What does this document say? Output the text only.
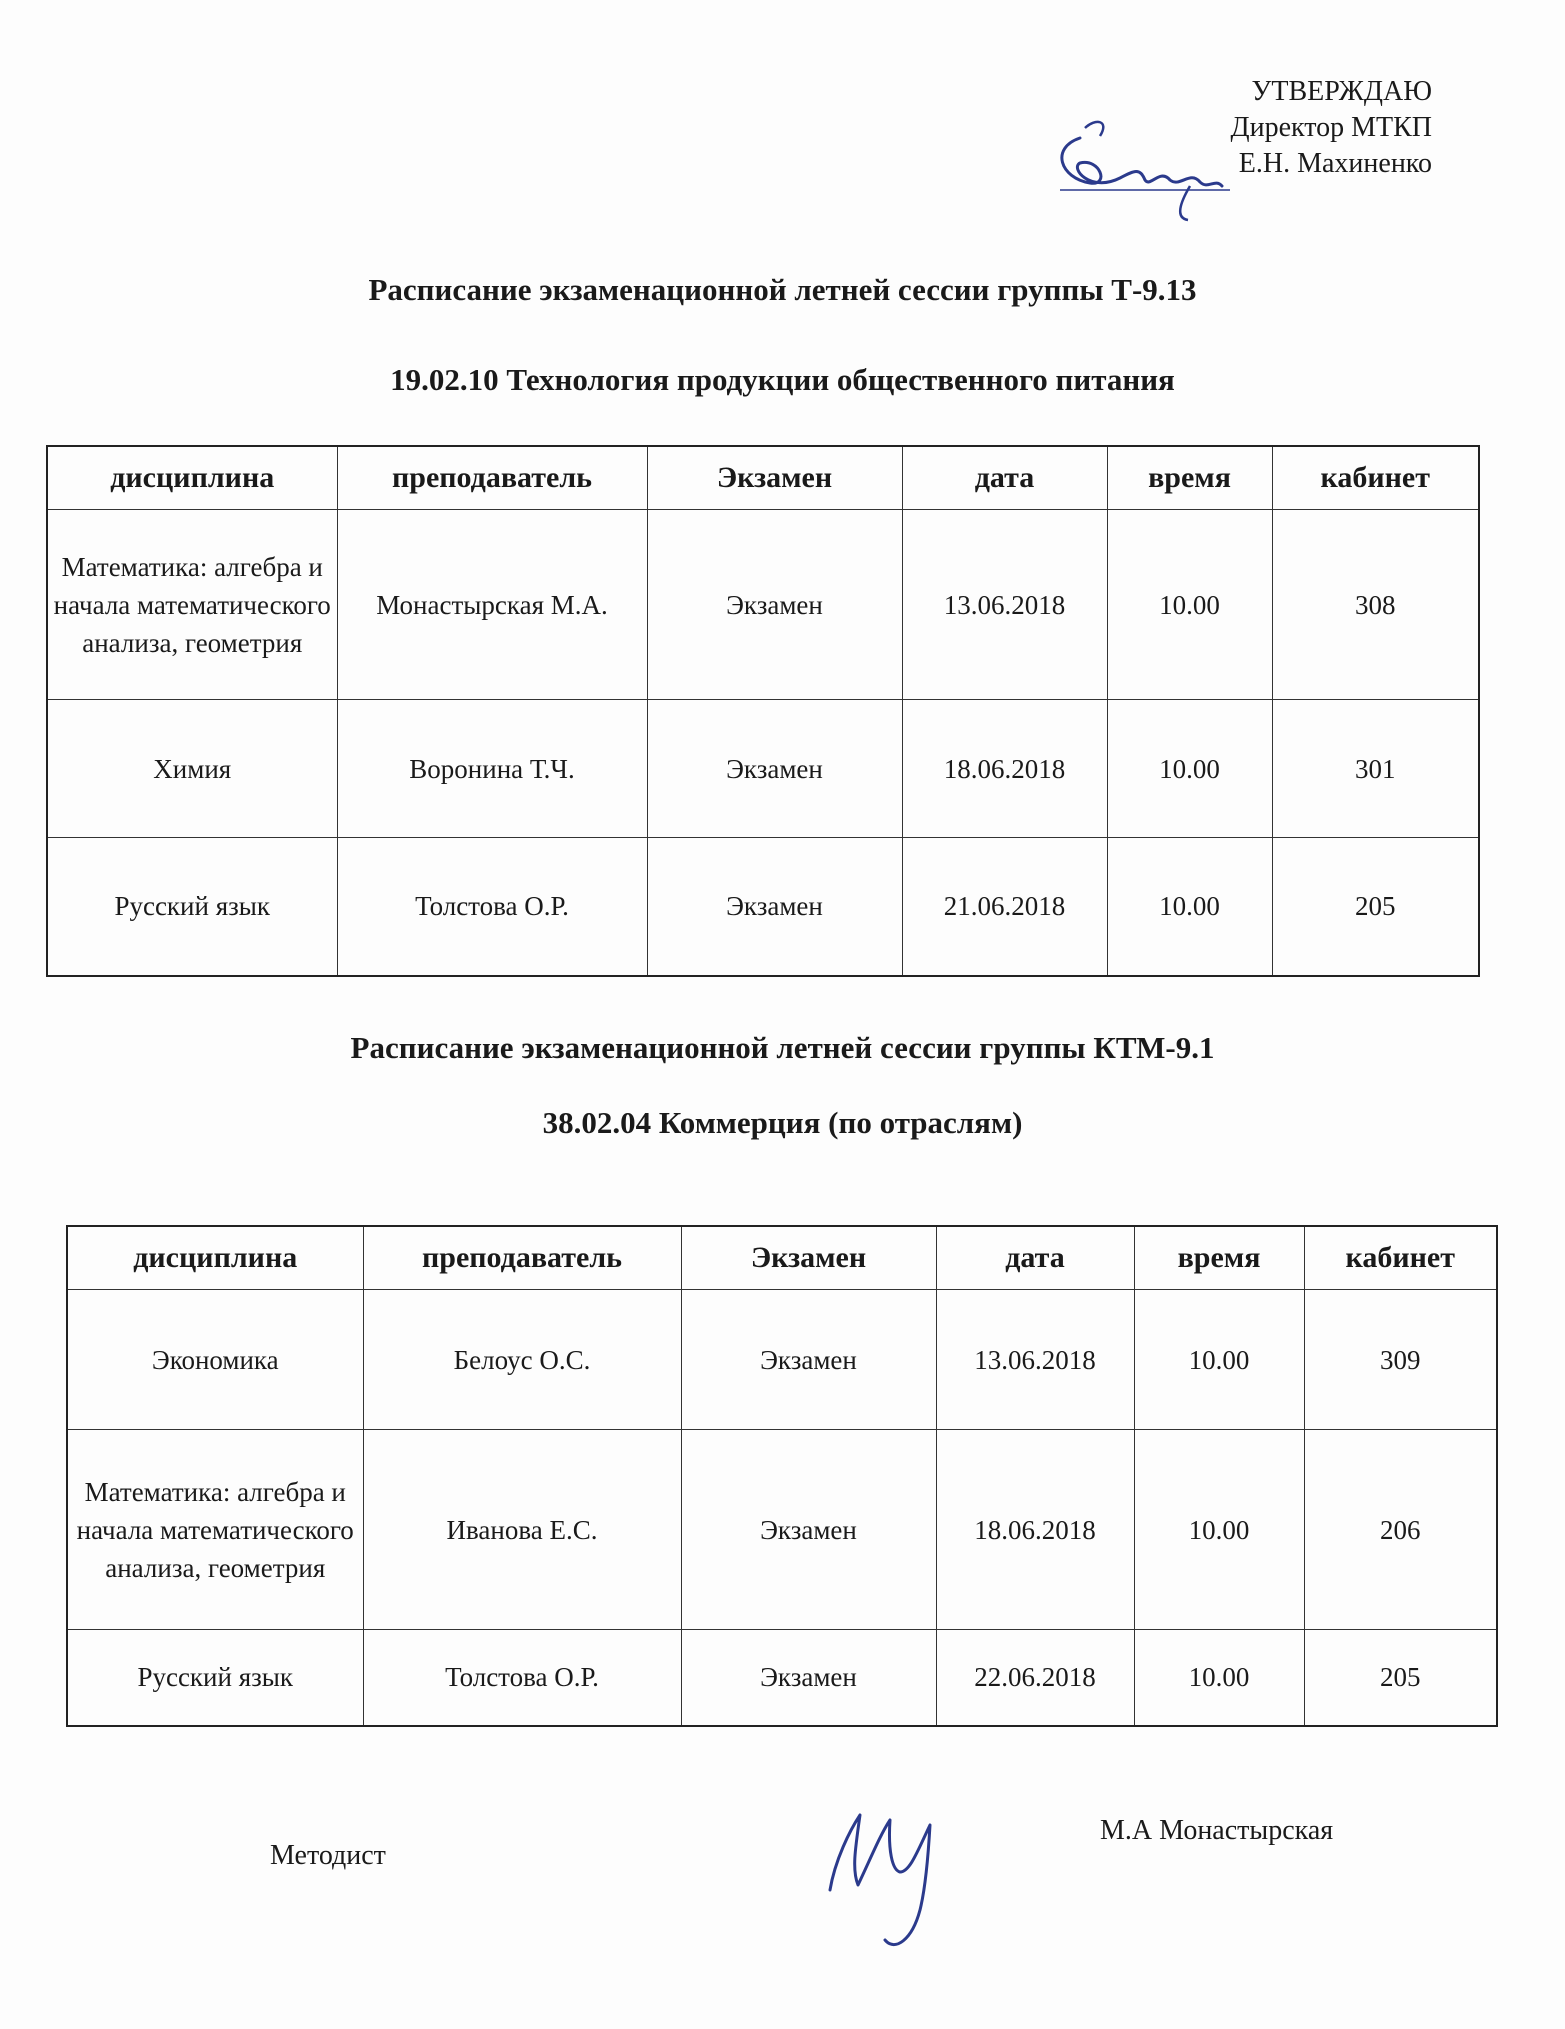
УТВЕРЖДАЮ
Директор МТКП
Е.Н. Махиненко
Расписание экзаменационной летней сессии группы Т-9.13
19.02.10 Технология продукции общественного питания
дисциплина	преподаватель	Экзамен	дата	время	кабинет
Математика: алгебра и начала математического анализа, геометрия	Монастырская М.А.	Экзамен	13.06.2018	10.00	308
Химия	Воронина Т.Ч.	Экзамен	18.06.2018	10.00	301
Русский язык	Толстова О.Р.	Экзамен	21.06.2018	10.00	205
Расписание экзаменационной летней сессии группы КТМ-9.1
38.02.04 Коммерция (по отраслям)
дисциплина	преподаватель	Экзамен	дата	время	кабинет
Экономика	Белоус О.С.	Экзамен	13.06.2018	10.00	309
Математика: алгебра и начала математического анализа, геометрия	Иванова Е.С.	Экзамен	18.06.2018	10.00	206
Русский язык	Толстова О.Р.	Экзамен	22.06.2018	10.00	205
Методист
М.А Монастырская
